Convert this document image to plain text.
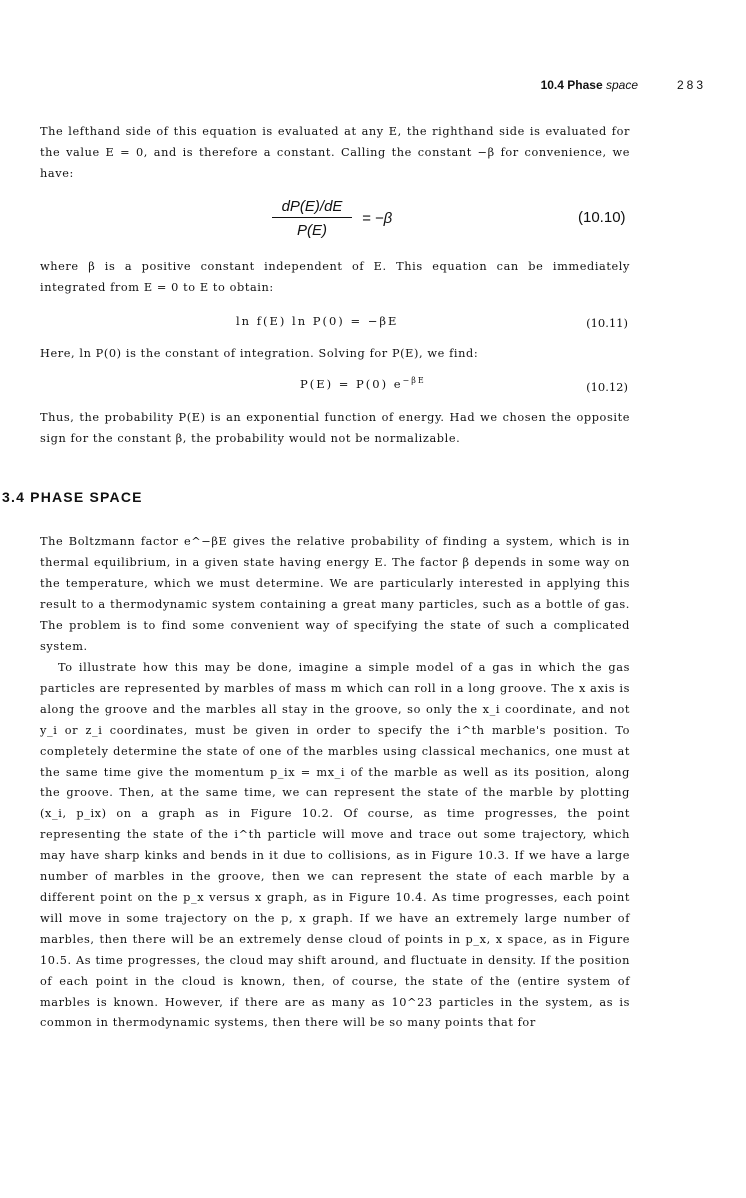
10.4 Phase space	283

The lefthand side of this equation is evaluated at any E, the righthand side is evaluated for the value E = 0, and is therefore a constant. Calling the constant −β for convenience, we have:

$\frac{dP(E)/dE}{P(E)} = -\beta$	(10.10)

where β is a positive constant independent of E. This equation can be immediately integrated from E = 0 to E to obtain:

ln f(E) ln P(0) = −βE	(10.11)

Here, ln P(0) is the constant of integration. Solving for P(E), we find:

P(E) = P(0) $e^{-\beta E}$	(10.12)

Thus, the probability P(E) is an exponential function of energy. Had we chosen the opposite sign for the constant β, the probability would not be normalizable.

3.4 PHASE SPACE

The Boltzmann factor e^−βE gives the relative probability of finding a system, which is in thermal equilibrium, in a given state having energy E. The factor β depends in some way on the temperature, which we must determine. We are particularly interested in applying this result to a thermodynamic system containing a great many particles, such as a bottle of gas. The problem is to find some convenient way of specifying the state of such a complicated system.

To illustrate how this may be done, imagine a simple model of a gas in which the gas particles are represented by marbles of mass m which can roll in a long groove. The x axis is along the groove and the marbles all stay in the groove, so only the x_i coordinate, and not y_i or z_i coordinates, must be given in order to specify the i^th marble's position. To completely determine the state of one of the marbles using classical mechanics, one must at the same time give the momentum p_ix = mx_i of the marble as well as its position, along the groove. Then, at the same time, we can represent the state of the marble by plotting (x_i, p_ix) on a graph as in Figure 10.2. Of course, as time progresses, the point representing the state of the i^th particle will move and trace out some trajectory, which may have sharp kinks and bends in it due to collisions, as in Figure 10.3. If we have a large number of marbles in the groove, then we can represent the state of each marble by a different point on the p_x versus x graph, as in Figure 10.4. As time progresses, each point will move in some trajectory on the p, x graph. If we have an extremely large number of marbles, then there will be an extremely dense cloud of points in p_x, x space, as in Figure 10.5. As time progresses, the cloud may shift around, and fluctuate in density. If the position of each point in the cloud is known, then, of course, the state of the (entire system of marbles is known. However, if there are as many as 10^23 particles in the system, as is common in thermodynamic systems, then there will be so many points that for
